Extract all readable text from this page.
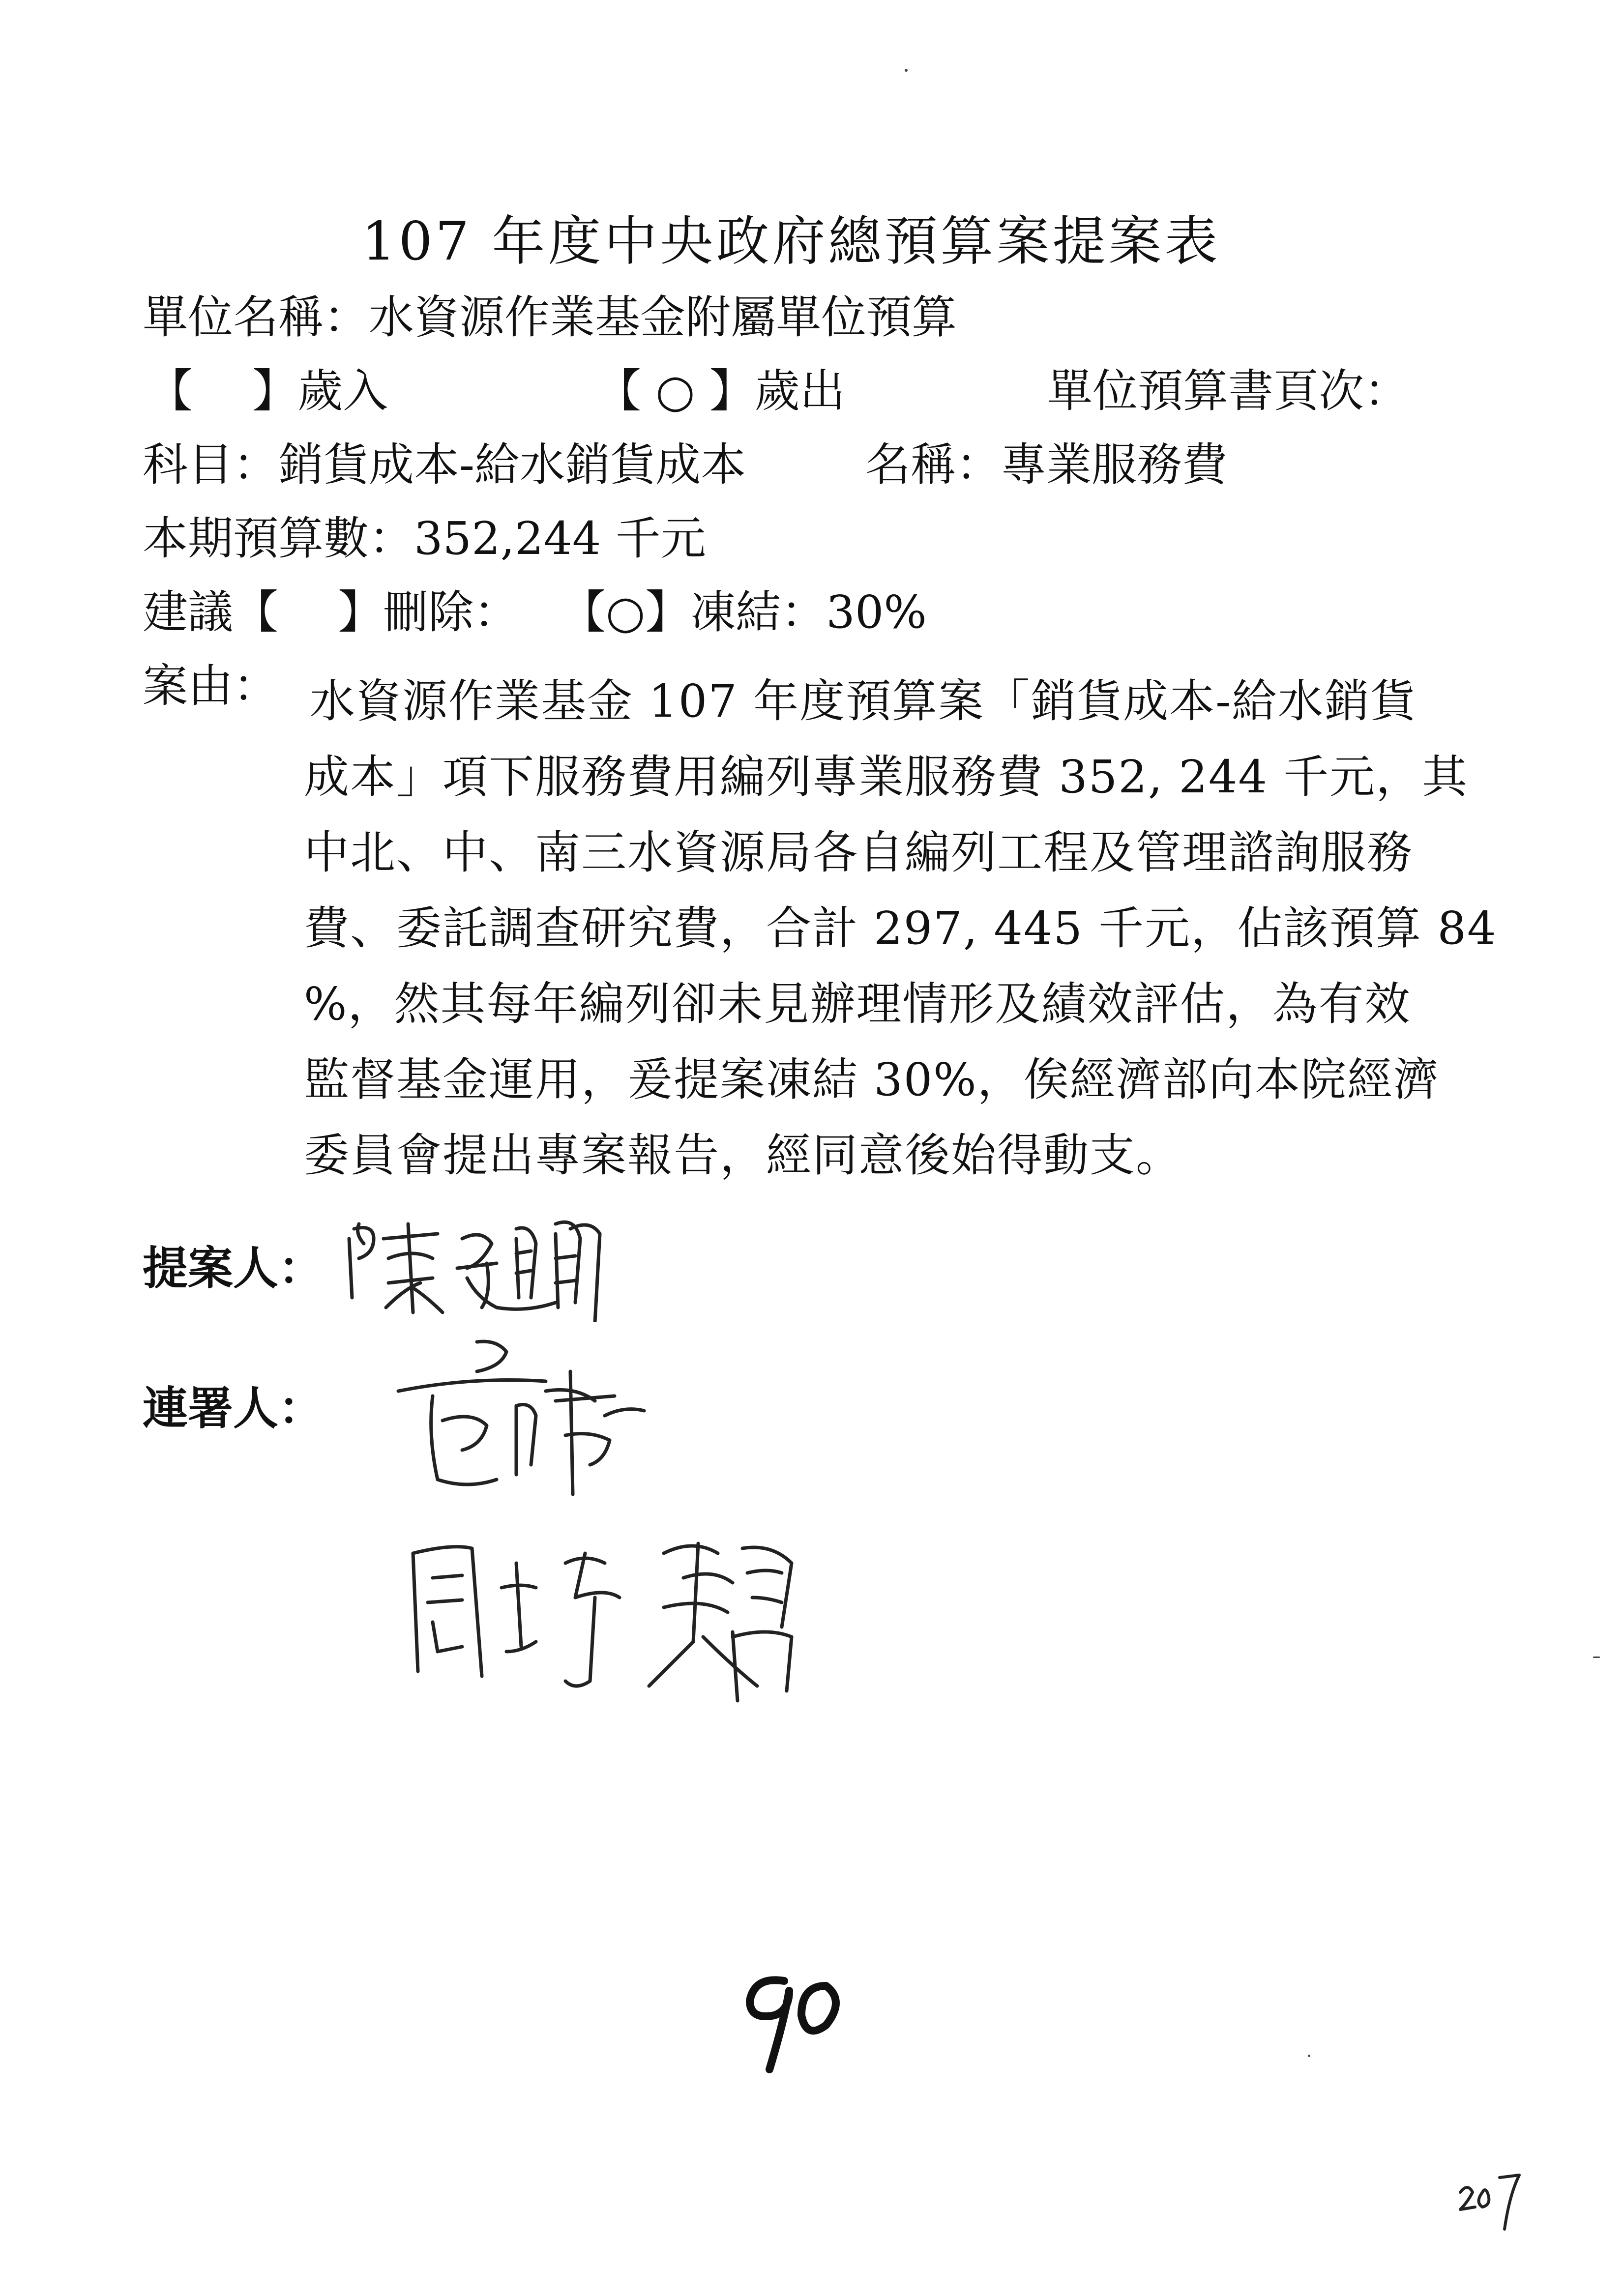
107 年度中央政府總預算案提案表
單位名稱：水資源作業基金附屬單位預算
【　 】歲入	【 ○ 】歲出	單位預算書頁次：
科目：銷貨成本-給水銷貨成本	名稱：專業服務費
本期預算數：352,244 千元
建議【　 】刪除： 【○】凍結：30%
案由： 水資源作業基金 107 年度預算案「銷貨成本-給水銷貨
成本」項下服務費用編列專業服務費 352, 244 千元，其
中北、中、南三水資源局各自編列工程及管理諮詢服務
費、委託調查研究費，合計 297, 445 千元，佔該預算 84
%，然其每年編列卻未見辦理情形及績效評估，為有效
監督基金運用，爰提案凍結 30%，俟經濟部向本院經濟
委員會提出專案報告，經同意後始得動支。
提案人：
連署人：
